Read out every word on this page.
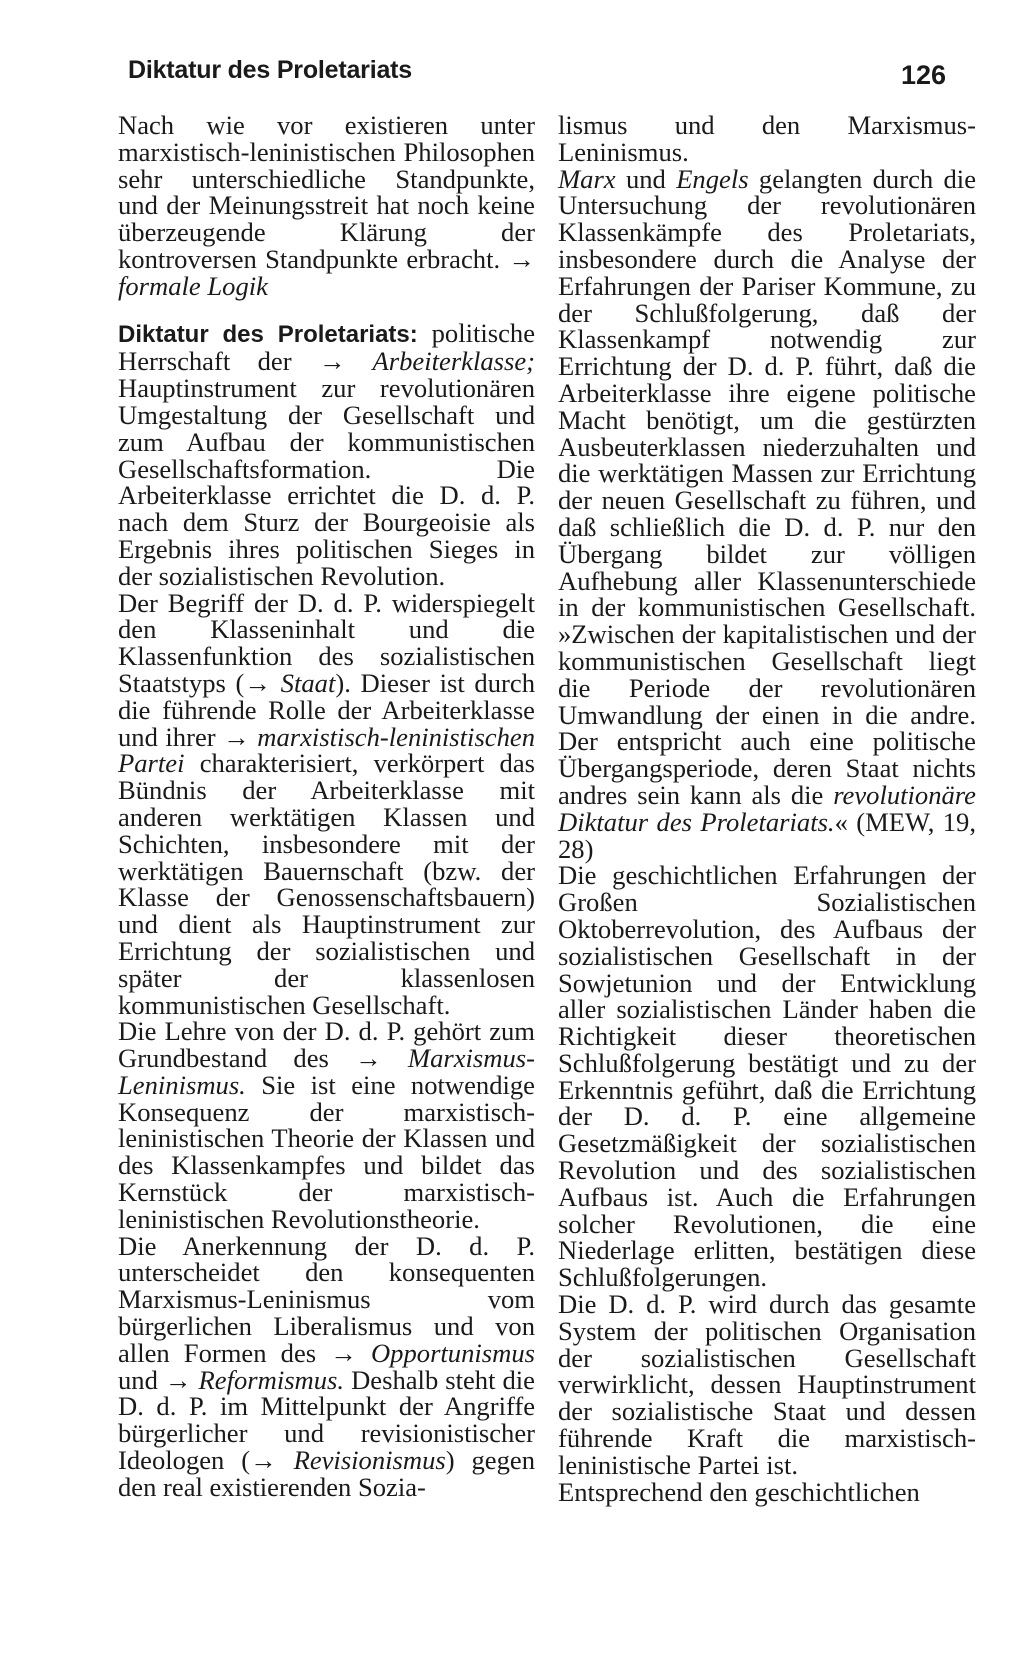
Diktatur des Proletariats	126

Nach wie vor existieren unter marxistisch-leninistischen Philosophen sehr unterschiedliche Standpunkte, und der Meinungsstreit hat noch keine überzeugende Klärung der kontroversen Standpunkte erbracht. → formale Logik

Diktatur des Proletariats: politische Herrschaft der → Arbeiterklasse; Hauptinstrument zur revolutionären Umgestaltung der Gesellschaft und zum Aufbau der kommunistischen Gesellschaftsformation. Die Arbeiterklasse errichtet die D. d. P. nach dem Sturz der Bourgeoisie als Ergebnis ihres politischen Sieges in der sozialistischen Revolution.

Der Begriff der D. d. P. widerspiegelt den Klasseninhalt und die Klassenfunktion des sozialistischen Staatstyps (→ Staat). Dieser ist durch die führende Rolle der Arbeiterklasse und ihrer → marxistisch-leninistischen Partei charakterisiert, verkörpert das Bündnis der Arbeiterklasse mit anderen werktätigen Klassen und Schichten, insbesondere mit der werktätigen Bauernschaft (bzw. der Klasse der Genossenschaftsbauern) und dient als Hauptinstrument zur Errichtung der sozialistischen und später der klassenlosen kommunistischen Gesellschaft.

Die Lehre von der D. d. P. gehört zum Grundbestand des → Marxismus-Leninismus. Sie ist eine notwendige Konsequenz der marxistisch-leninistischen Theorie der Klassen und des Klassenkampfes und bildet das Kernstück der marxistisch-leninistischen Revolutionstheorie.

Die Anerkennung der D. d. P. unterscheidet den konsequenten Marxismus-Leninismus vom bürgerlichen Liberalismus und von allen Formen des → Opportunismus und → Reformismus. Deshalb steht die D. d. P. im Mittelpunkt der Angriffe bürgerlicher und revisionistischer Ideologen (→ Revisionismus) gegen den real existierenden Sozia-

lismus und den Marxismus-Leninismus.

Marx und Engels gelangten durch die Untersuchung der revolutionären Klassenkämpfe des Proletariats, insbesondere durch die Analyse der Erfahrungen der Pariser Kommune, zu der Schlußfolgerung, daß der Klassenkampf notwendig zur Errichtung der D. d. P. führt, daß die Arbeiterklasse ihre eigene politische Macht benötigt, um die gestürzten Ausbeuterklassen niederzuhalten und die werktätigen Massen zur Errichtung der neuen Gesellschaft zu führen, und daß schließlich die D. d. P. nur den Übergang bildet zur völligen Aufhebung aller Klassenunterschiede in der kommunistischen Gesellschaft. »Zwischen der kapitalistischen und der kommunistischen Gesellschaft liegt die Periode der revolutionären Umwandlung der einen in die andre. Der entspricht auch eine politische Übergangsperiode, deren Staat nichts andres sein kann als die revolutionäre Diktatur des Proletariats.« (MEW, 19, 28)

Die geschichtlichen Erfahrungen der Großen Sozialistischen Oktoberrevolution, des Aufbaus der sozialistischen Gesellschaft in der Sowjetunion und der Entwicklung aller sozialistischen Länder haben die Richtigkeit dieser theoretischen Schlußfolgerung bestätigt und zu der Erkenntnis geführt, daß die Errichtung der D. d. P. eine allgemeine Gesetzmäßigkeit der sozialistischen Revolution und des sozialistischen Aufbaus ist. Auch die Erfahrungen solcher Revolutionen, die eine Niederlage erlitten, bestätigen diese Schlußfolgerungen.

Die D. d. P. wird durch das gesamte System der politischen Organisation der sozialistischen Gesellschaft verwirklicht, dessen Hauptinstrument der sozialistische Staat und dessen führende Kraft die marxistisch-leninistische Partei ist.

Entsprechend den geschichtlichen
